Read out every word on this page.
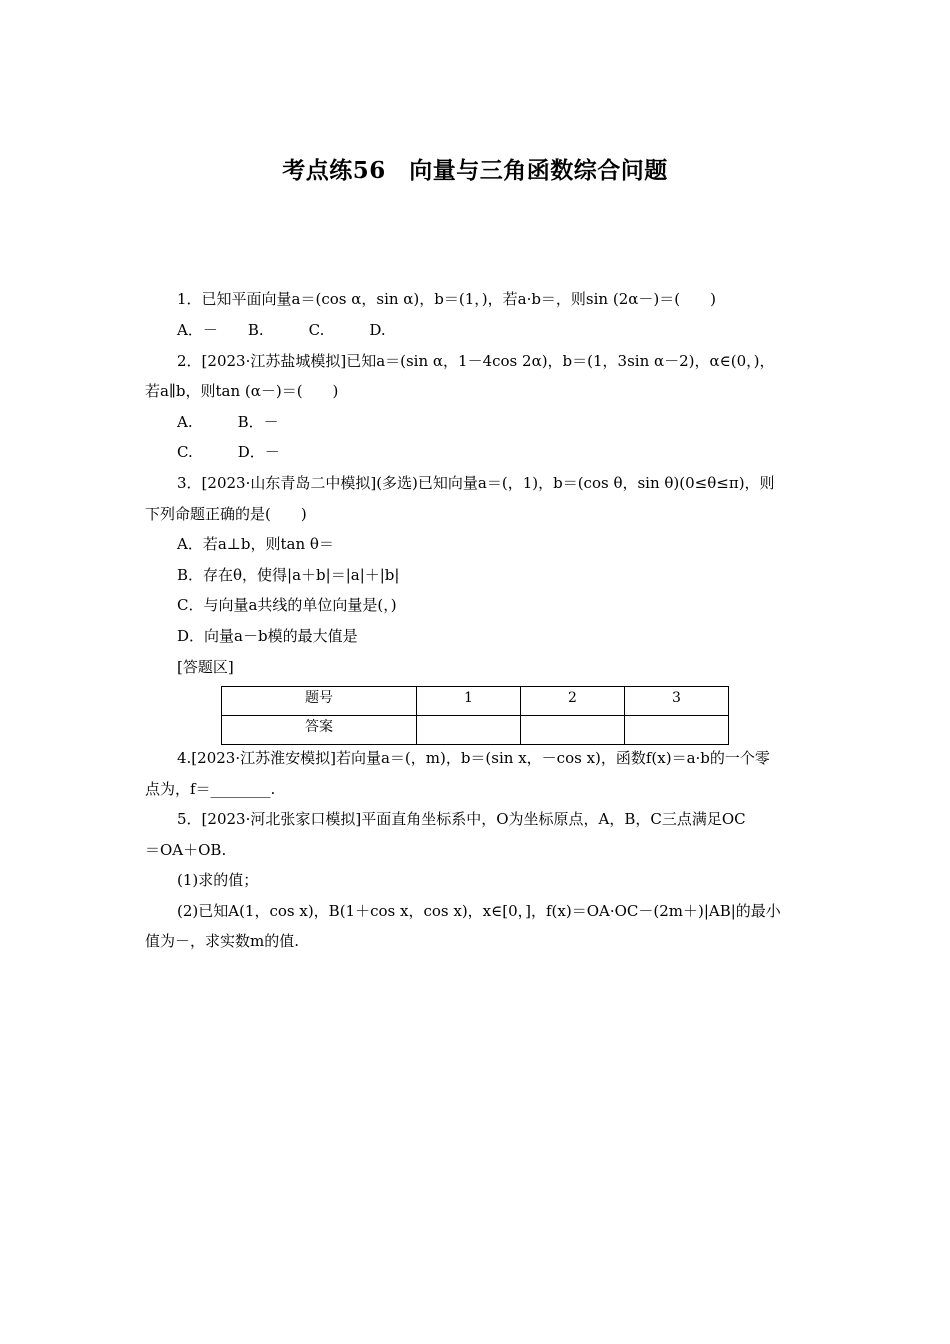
考点练56　向量与三角函数综合问题
1．已知平面向量a＝(cos α，sin α)，b＝(1，)，若a·b＝，则sin (2α－)＝(　　)
A．－　　B.　　　C.　　　D.
2．[2023·江苏盐城模拟]已知a＝(sin α，1－4cos 2α)，b＝(1，3sin α－2)，α∈(0，)，
若a∥b，则tan (α－)＝(　　)
A.　　　B．－
C.　　　D．－
3．[2023·山东青岛二中模拟](多选)已知向量a＝(，1)，b＝(cos θ，sin θ)(0≤θ≤π)，则
下列命题正确的是(　　)
A．若a⊥b，则tan θ＝
B．存在θ，使得|a＋b|＝|a|＋|b|
C．与向量a共线的单位向量是(，)
D．向量a－b模的最大值是
[答题区]
题号	1	2	3
答案			
4.[2023·江苏淮安模拟]若向量a＝(，m)，b＝(sin x，－cos x)，函数f(x)＝a·b的一个零
点为，f＝________.
5．[2023·河北张家口模拟]平面直角坐标系中，O为坐标原点，A，B，C三点满足OC
＝OA＋OB.
(1)求的值；
(2)已知A(1，cos x)，B(1＋cos x，cos x)，x∈[0，]，f(x)＝OA·OC－(2m＋)|AB|的最小
值为－，求实数m的值.
